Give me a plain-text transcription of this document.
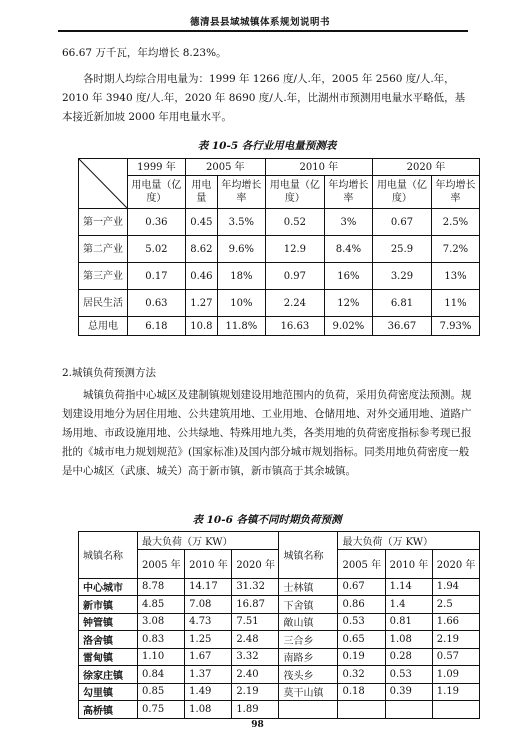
德清县县域城镇体系规划说明书

66.67 万千瓦，年均增长 8.23%。

各时期人均综合用电量为：1999 年 1266 度/人.年，2005 年 2560 度/人.年，2010 年 3940 度/人.年，2020 年 8690 度/人.年，比湖州市预测用电量水平略低，基本接近新加坡 2000 年用电量水平。

表 10-5 各行业用电量预测表
	1999 年	2005 年		2010 年		2020 年	
	用电量（亿度）	用电量	年均增长率	用电量（亿度）	年均增长率	用电量（亿度）	年均增长率
第一产业	0.36	0.45	3.5%	0.52	3%	0.67	2.5%
第二产业	5.02	8.62	9.6%	12.9	8.4%	25.9	7.2%
第三产业	0.17	0.46	18%	0.97	16%	3.29	13%
居民生活	0.63	1.27	10%	2.24	12%	6.81	11%
总用电	6.18	10.8	11.8%	16.63	9.02%	36.67	7.93%
2.城镇负荷预测方法

城镇负荷指中心城区及建制镇规划建设用地范围内的负荷，采用负荷密度法预测。规划建设用地分为居住用地、公共建筑用地、工业用地、仓储用地、对外交通用地、道路广场用地、市政设施用地、公共绿地、特殊用地九类，各类用地的负荷密度指标参考现已报批的《城市电力规划规范》(国家标准)及国内部分城市规划指标。同类用地负荷密度一般是中心城区（武康、城关）高于新市镇，新市镇高于其余城镇。

表 10-6 各镇不同时期负荷预测
城镇名称	最大负荷（万 KW）			城镇名称	最大负荷（万 KW）		
	2005 年	2010 年	2020 年		2005 年	2010 年	2020 年
中心城市	8.78	14.17	31.32	士林镇	0.67	1.14	1.94
新市镇	4.85	7.08	16.87	下舍镇	0.86	1.4	2.5
钟管镇	3.08	4.73	7.51	敵山镇	0.53	0.81	1.66
洛舍镇	0.83	1.25	2.48	三合乡	0.65	1.08	2.19
雷甸镇	1.10	1.67	3.32	南路乡	0.19	0.28	0.57
徐家庄镇	0.84	1.37	2.40	筏头乡	0.32	0.53	1.09
勾里镇	0.85	1.49	2.19	莫干山镇	0.18	0.39	1.19
高桥镇	0.75	1.08	1.89				
98
